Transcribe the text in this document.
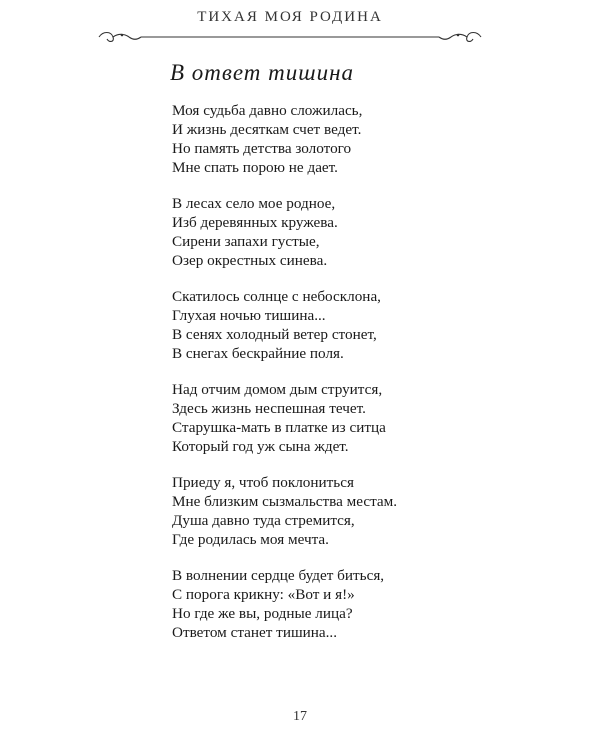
ТИХАЯ МОЯ РОДИНА
В ответ тишина
Моя судьба давно сложилась,
И жизнь десяткам счет ведет.
Но память детства золотого
Мне спать порою не дает.
В лесах село мое родное,
Изб деревянных кружева.
Сирени запахи густые,
Озер окрестных синева.
Скатилось солнце с небосклона,
Глухая ночью тишина...
В сенях холодный ветер стонет,
В снегах бескрайние поля.
Над отчим домом дым струится,
Здесь жизнь неспешная течет.
Старушка-мать в платке из ситца
Который год уж сына ждет.
Приеду я, чтоб поклониться
Мне близким сызмальства местам.
Душа давно туда стремится,
Где родилась моя мечта.
В волнении сердце будет биться,
С порога крикну: «Вот и я!»
Но где же вы, родные лица?
Ответом станет тишина...
17
